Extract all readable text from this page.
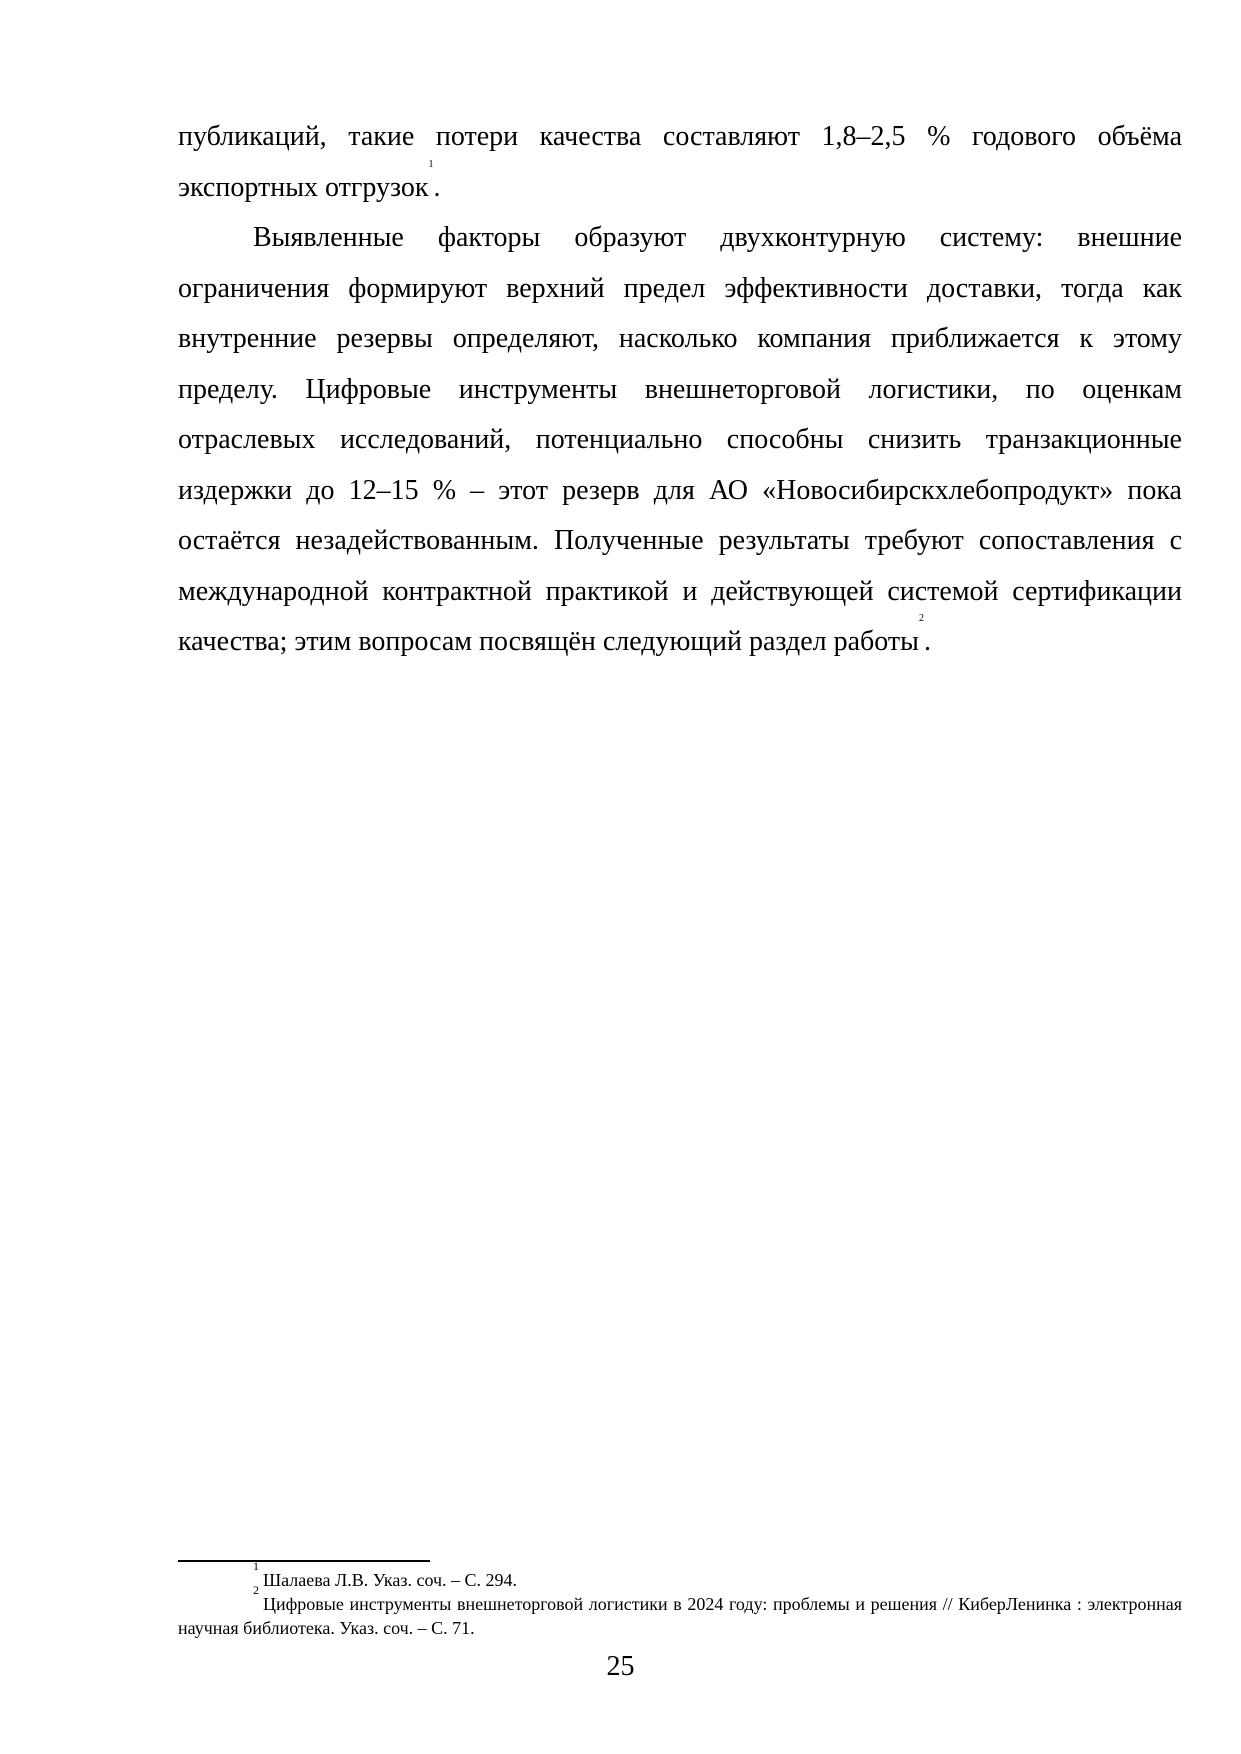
публикаций, такие потери качества составляют 1,8–2,5 % годового объёма экспортных отгрузок$^1$.

Выявленные факторы образуют двухконтурную систему: внешние ограничения формируют верхний предел эффективности доставки, тогда как внутренние резервы определяют, насколько компания приближается к этому пределу. Цифровые инструменты внешнеторговой логистики, по оценкам отраслевых исследований, потенциально способны снизить транзакционные издержки до 12–15 % – этот резерв для АО «Новосибирскхлебопродукт» пока остаётся незадействованным. Полученные результаты требуют сопоставления с международной контрактной практикой и действующей системой сертификации качества; этим вопросам посвящён следующий раздел работы$^2$.

$^1$Шалаева Л.В. Указ. соч. – С. 294.

$^2$Цифровые инструменты внешнеторговой логистики в 2024 году: проблемы и решения // КиберЛенинка : электронная научная библиотека. Указ. соч. – С. 71.

25
